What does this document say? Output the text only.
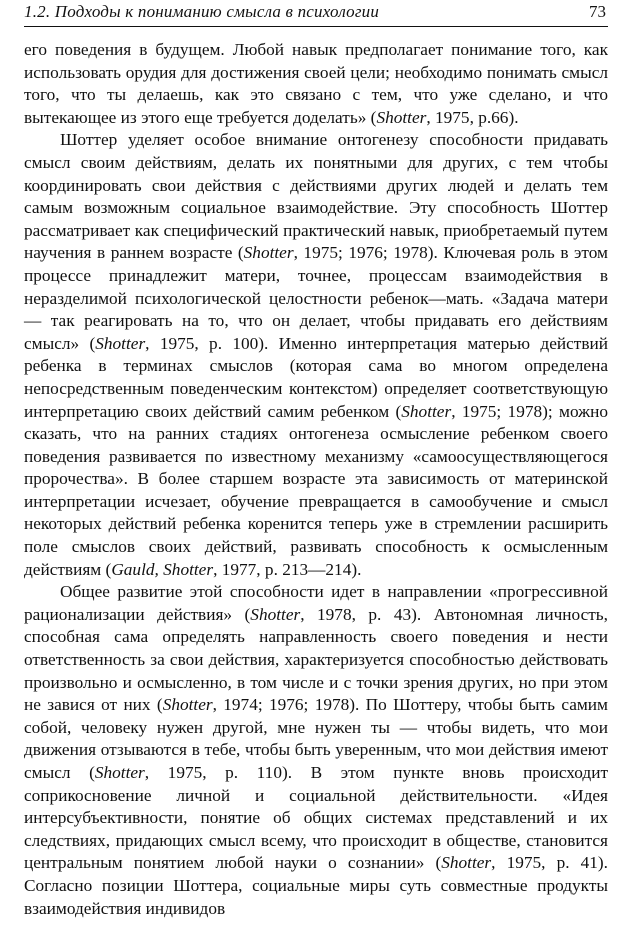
1.2. Подходы к пониманию смысла в психологии	73

его поведения в будущем. Любой навык предполагает понимание того, как использовать орудия для достижения своей цели; необходимо понимать смысл того, что ты делаешь, как это связано с тем, что уже сделано, и что вытекающее из этого еще требуется доделать» (Shotter, 1975, p.66).

Шоттер уделяет особое внимание онтогенезу способности придавать смысл своим действиям, делать их понятными для других, с тем чтобы координировать свои действия с действиями других людей и делать тем самым возможным социальное взаимодействие. Эту способность Шоттер рассматривает как специфический практический навык, приобретаемый путем научения в раннем возрасте (Shotter, 1975; 1976; 1978). Ключевая роль в этом процессе принадлежит матери, точнее, процессам взаимодействия в неразделимой психологической целостности ребенок—мать. «Задача матери — так реагировать на то, что он делает, чтобы придавать его действиям смысл» (Shotter, 1975, p. 100). Именно интерпретация матерью действий ребенка в терминах смыслов (которая сама во многом определена непосредственным поведенческим контекстом) определяет соответствующую интерпретацию своих действий самим ребенком (Shotter, 1975; 1978); можно сказать, что на ранних стадиях онтогенеза осмысление ребенком своего поведения развивается по известному механизму «самоосуществляющегося пророчества». В более старшем возрасте эта зависимость от материнской интерпретации исчезает, обучение превращается в самообучение и смысл некоторых действий ребенка коренится теперь уже в стремлении расширить поле смыслов своих действий, развивать способность к осмысленным действиям (Gauld, Shotter, 1977, p. 213—214).

Общее развитие этой способности идет в направлении «прогрессивной рационализации действия» (Shotter, 1978, p. 43). Автономная личность, способная сама определять направленность своего поведения и нести ответственность за свои действия, характеризуется способностью действовать произвольно и осмысленно, в том числе и с точки зрения других, но при этом не завися от них (Shotter, 1974; 1976; 1978). По Шоттеру, чтобы быть самим собой, человеку нужен другой, мне нужен ты — чтобы видеть, что мои движения отзываются в тебе, чтобы быть уверенным, что мои действия имеют смысл (Shotter, 1975, p. 110). В этом пункте вновь происходит соприкосновение личной и социальной действительности. «Идея интерсубъективности, понятие об общих системах представлений и их следствиях, придающих смысл всему, что происходит в обществе, становится центральным понятием любой науки о сознании» (Shotter, 1975, p. 41). Согласно позиции Шоттера, социальные миры суть совместные продукты взаимодействия индивидов
